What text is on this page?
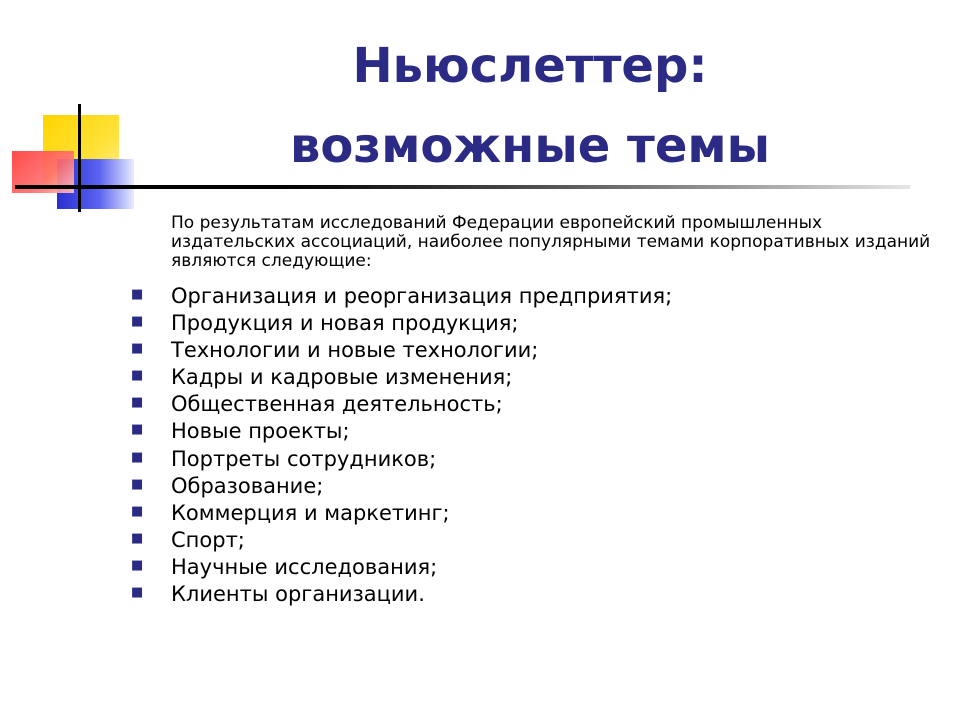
Ньюслеттер:
возможные темы

По результатам исследований Федерации европейский промышленных издательских ассоциаций, наиболее популярными темами корпоративных изданий являются следующие:

■ Организация и реорганизация предприятия;
■ Продукция и новая продукция;
■ Технологии и новые технологии;
■ Кадры и кадровые изменения;
■ Общественная деятельность;
■ Новые проекты;
■ Портреты сотрудников;
■ Образование;
■ Коммерция и маркетинг;
■ Спорт;
■ Научные исследования;
■ Клиенты организации.
